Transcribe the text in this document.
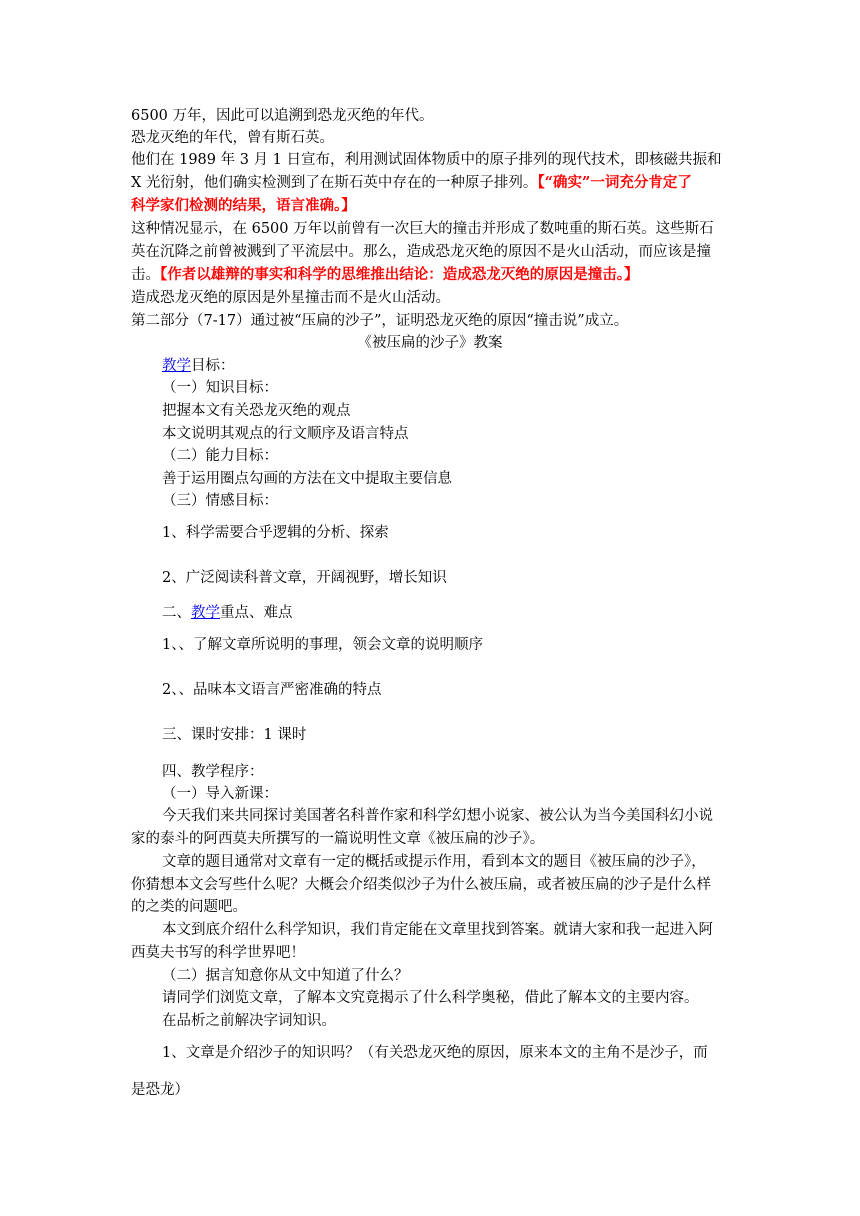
6500 万年，因此可以追溯到恐龙灭绝的年代。
恐龙灭绝的年代，曾有斯石英。
他们在 1989 年 3 月 1 日宣布，利用测试固体物质中的原子排列的现代技术，即核磁共振和
X 光衍射，他们确实检测到了在斯石英中存在的一种原子排列。【“确实”一词充分肯定了
科学家们检测的结果，语言准确。】
这种情况显示，在 6500 万年以前曾有一次巨大的撞击并形成了数吨重的斯石英。这些斯石
英在沉降之前曾被溅到了平流层中。那么，造成恐龙灭绝的原因不是火山活动，而应该是撞
击。【作者以雄辩的事实和科学的思维推出结论：造成恐龙灭绝的原因是撞击。】
造成恐龙灭绝的原因是外星撞击而不是火山活动。
第二部分（7-17）通过被“压扁的沙子”，证明恐龙灭绝的原因“撞击说”成立。
《被压扁的沙子》教案
教学目标：
（一）知识目标：
把握本文有关恐龙灭绝的观点
本文说明其观点的行文顺序及语言特点
（二）能力目标：
善于运用圈点勾画的方法在文中提取主要信息
（三）情感目标：
1、科学需要合乎逻辑的分析、探索
2、广泛阅读科普文章，开阔视野，增长知识
二、教学重点、难点
1、、了解文章所说明的事理，领会文章的说明顺序
2、、品味本文语言严密准确的特点
三、课时安排：1 课时
四、教学程序：
（一）导入新课：
今天我们来共同探讨美国著名科普作家和科学幻想小说家、被公认为当今美国科幻小说
家的泰斗的阿西莫夫所撰写的一篇说明性文章《被压扁的沙子》。
文章的题目通常对文章有一定的概括或提示作用，看到本文的题目《被压扁的沙子》，
你猜想本文会写些什么呢？大概会介绍类似沙子为什么被压扁，或者被压扁的沙子是什么样
的之类的问题吧。
本文到底介绍什么科学知识，我们肯定能在文章里找到答案。就请大家和我一起进入阿
西莫夫书写的科学世界吧！
（二）据言知意你从文中知道了什么？
请同学们浏览文章，了解本文究竟揭示了什么科学奥秘，借此了解本文的主要内容。
在品析之前解决字词知识。
1、文章是介绍沙子的知识吗？（有关恐龙灭绝的原因，原来本文的主角不是沙子，而
是恐龙）
